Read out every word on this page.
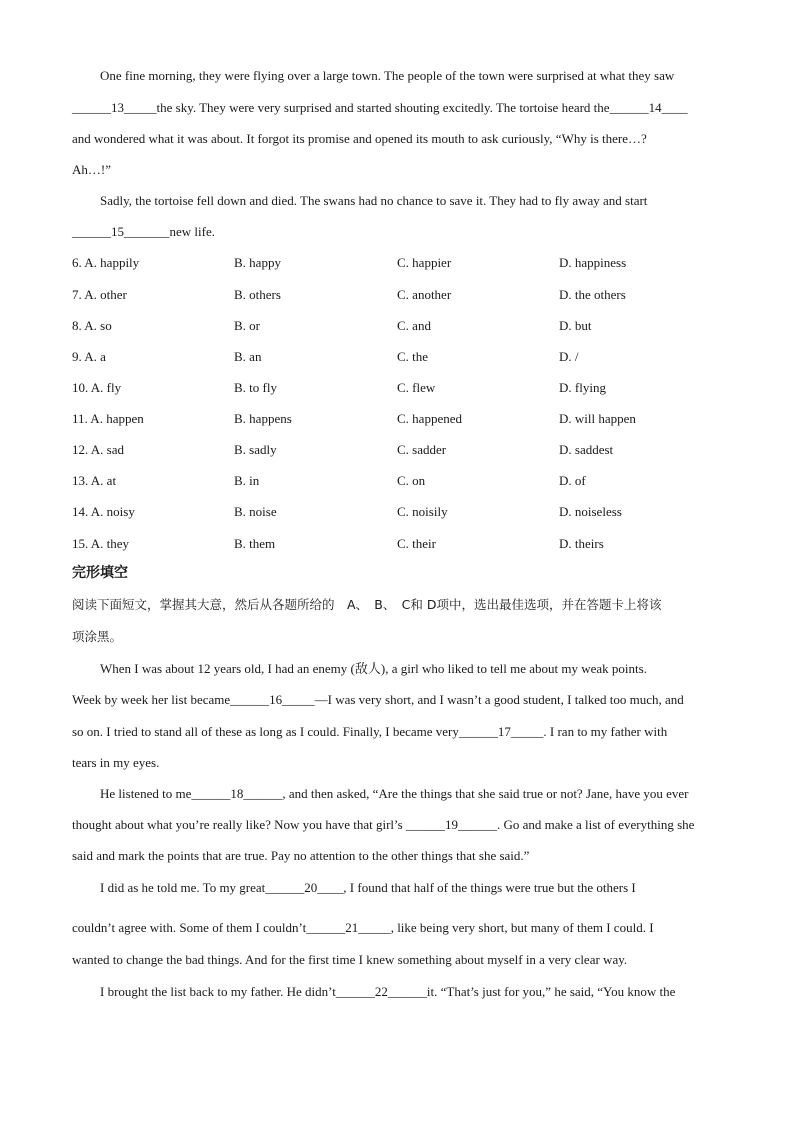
One fine morning, they were flying over a large town. The people of the town were surprised at what they saw
______13_____the sky. They were very surprised and started shouting excitedly. The tortoise heard the______14____
and wondered what it was about. It forgot its promise and opened its mouth to ask curiously, “Why is there…?
Ah…!”
Sadly, the tortoise fell down and died. The swans had no chance to save it. They had to fly away and start
______15_______new life.
6. A. happily	B. happy	C. happier	D. happiness
7. A. other	B. others	C. another	D. the others
8. A. so	B. or	C. and	D. but
9. A. a	B. an	C. the	D. /
10. A. fly	B. to fly	C. flew	D. flying
11. A. happen	B. happens	C. happened	D. will happen
12. A. sad	B. sadly	C. sadder	D. saddest
13. A. at	B. in	C. on	D. of
14. A. noisy	B. noise	C. noisily	D. noiseless
15. A. they	B. them	C. their	D. theirs
完形填空
阅读下面短文，掌握其大意，然后从各题所给的　A、　B、　C和 D项中，选出最佳选项，并在答题卡上将该
项涂黑。
When I was about 12 years old, I had an enemy (敌人), a girl who liked to tell me about my weak points.
Week by week her list became______16_____—I was very short, and I wasn’t a good student, I talked too much, and
so on. I tried to stand all of these as long as I could. Finally, I became very______17_____. I ran to my father with
tears in my eyes.
He listened to me______18______, and then asked, “Are the things that she said true or not? Jane, have you ever
thought about what you’re really like? Now you have that girl’s ______19______. Go and make a list of everything she
said and mark the points that are true. Pay no attention to the other things that she said.”
I did as he told me. To my great______20____, I found that half of the things were true but the others I
couldn’t agree with. Some of them I couldn’t______21_____, like being very short, but many of them I could. I
wanted to change the bad things. And for the first time I knew something about myself in a very clear way.
I brought the list back to my father. He didn’t______22______it. “That’s just for you,” he said, “You know the
